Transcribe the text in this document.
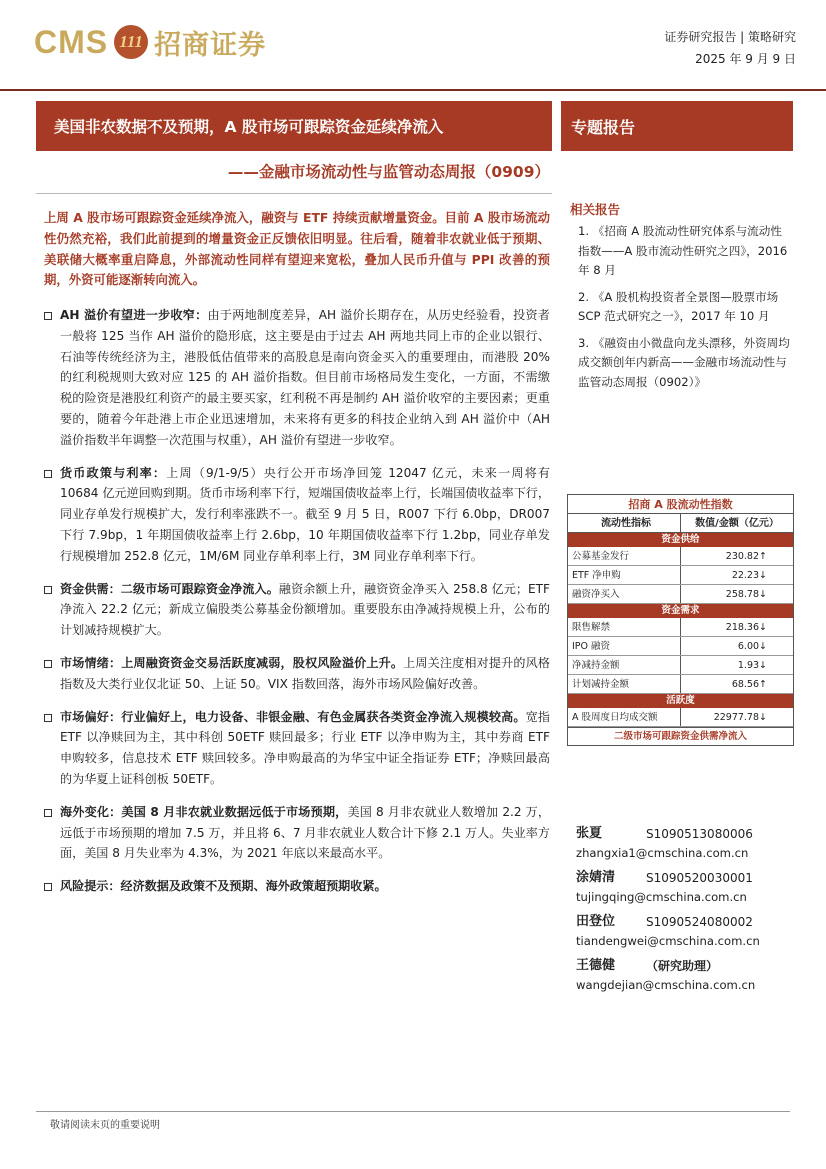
CMS 111 招商证券	证券研究报告 | 策略研究
2025 年 9 月 9 日
美国非农数据不及预期，A 股市场可跟踪资金延续净流入	专题报告
——金融市场流动性与监管动态周报（0909）
上周 A 股市场可跟踪资金延续净流入，融资与 ETF 持续贡献增量资金。目前 A 股市场流动性仍然充裕，我们此前提到的增量资金正反馈依旧明显。往后看，随着非农就业低于预期、美联储大概率重启降息，外部流动性同样有望迎来宽松，叠加人民币升值与 PPI 改善的预期，外资可能逐渐转向流入。
AH 溢价有望进一步收窄：由于两地制度差异，AH 溢价长期存在，从历史经验看，投资者一般将 125 当作 AH 溢价的隐形底，这主要是由于过去 AH 两地共同上市的企业以银行、石油等传统经济为主，港股低估值带来的高股息是南向资金买入的重要理由，而港股 20%的红利税规则大致对应 125 的 AH 溢价指数。但目前市场格局发生变化，一方面，不需缴税的险资是港股红利资产的最主要买家，红利税不再是制约 AH 溢价收窄的主要因素；更重要的，随着今年赴港上市企业迅速增加，未来将有更多的科技企业纳入到 AH 溢价中（AH 溢价指数半年调整一次范围与权重），AH 溢价有望进一步收窄。
货币政策与利率：上周（9/1-9/5）央行公开市场净回笼 12047 亿元，未来一周将有 10684 亿元逆回购到期。货币市场利率下行，短端国债收益率上行，长端国债收益率下行，同业存单发行规模扩大，发行利率涨跌不一。截至 9 月 5 日，R007 下行 6.0bp，DR007 下行 7.9bp，1 年期国债收益率上行 2.6bp，10 年期国债收益率下行 1.2bp，同业存单发行规模增加 252.8 亿元，1M/6M 同业存单利率上行，3M 同业存单利率下行。
资金供需：二级市场可跟踪资金净流入。融资余额上升，融资资金净买入 258.8 亿元；ETF 净流入 22.2 亿元；新成立偏股类公募基金份额增加。重要股东由净减持规模上升，公布的计划减持规模扩大。
市场情绪：上周融资资金交易活跃度减弱，股权风险溢价上升。上周关注度相对提升的风格指数及大类行业仅北证 50、上证 50。VIX 指数回落，海外市场风险偏好改善。
市场偏好：行业偏好上，电力设备、非银金融、有色金属获各类资金净流入规模较高。宽指 ETF 以净赎回为主，其中科创 50ETF 赎回最多；行业 ETF 以净申购为主，其中券商 ETF 申购较多，信息技术 ETF 赎回较多。净申购最高的为华宝中证全指证券 ETF；净赎回最高的为华夏上证科创板 50ETF。
海外变化：美国 8 月非农就业数据远低于市场预期，美国 8 月非农就业人数增加 2.2 万，远低于市场预期的增加 7.5 万，并且将 6、7 月非农就业人数合计下修 2.1 万人。失业率方面，美国 8 月失业率为 4.3%，为 2021 年底以来最高水平。
风险提示：经济数据及政策不及预期、海外政策超预期收紧。
相关报告
1. 《招商 A 股流动性研究体系与流动性指数——A 股市流动性研究之四》，2016 年 8 月
2. 《A 股机构投资者全景图—股票市场 SCP 范式研究之一》，2017 年 10 月
3. 《融资由小微盘向龙头漂移，外资周均成交额创年内新高——金融市场流动性与监管动态周报（0902）》
招商 A 股流动性指数
流动性指标	数值/金额（亿元）
资金供给
公募基金发行	230.82↑
ETF 净申购	22.23↓
融资净买入	258.78↓
资金需求
限售解禁	218.36↓
IPO 融资	6.00↓
净减持金额	1.93↓
计划减持金额	68.56↑
活跃度
A 股周度日均成交额	22977.78↓
二级市场可跟踪资金供需净流入
张夏	S1090513080006
zhangxia1@cmschina.com.cn
涂婧清	S1090520030001
tujingqing@cmschina.com.cn
田登位	S1090524080002
tiandengwei@cmschina.com.cn
王德健	（研究助理）
wangdejian@cmschina.com.cn
敬请阅读末页的重要说明
